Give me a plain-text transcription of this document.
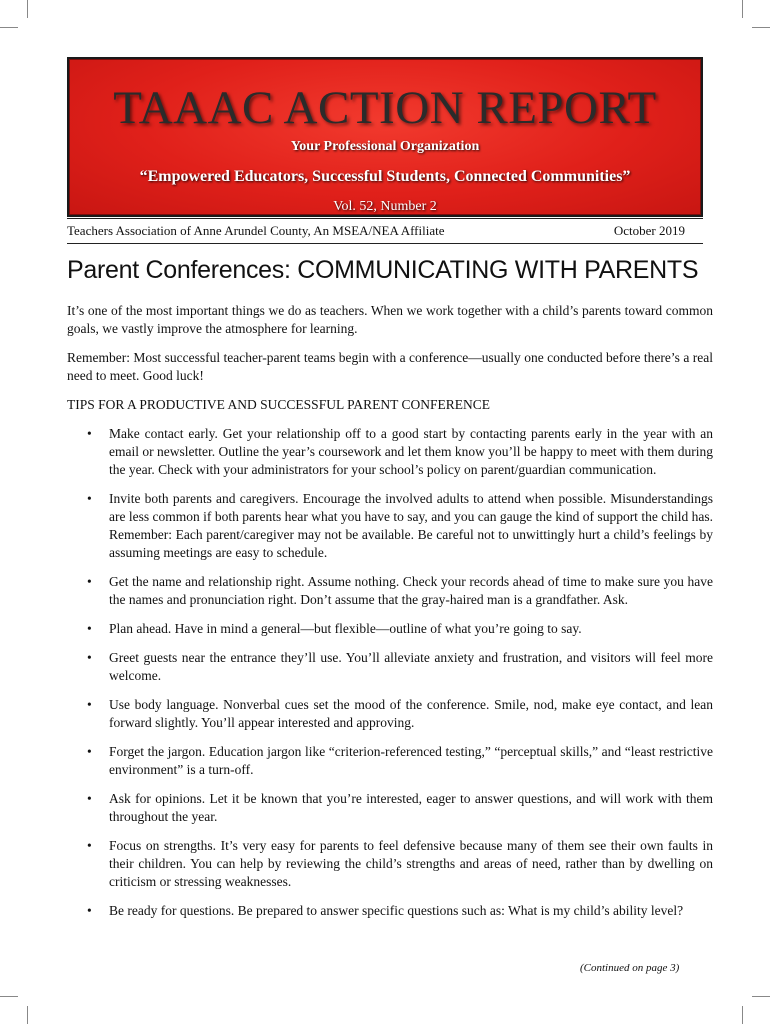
TAAAC ACTION REPORT
Your Professional Organization
“Empowered Educators, Successful Students, Connected Communities”
Vol. 52, Number 2
Teachers Association of Anne Arundel County, An MSEA/NEA Affiliate	October 2019
Parent Conferences: COMMUNICATING WITH PARENTS

It’s one of the most important things we do as teachers. When we work together with a child’s parents toward common goals, we vastly improve the atmosphere for learning.

Remember: Most successful teacher-parent teams begin with a conference—usually one conducted before there’s a real need to meet. Good luck!

TIPS FOR A PRODUCTIVE AND SUCCESSFUL PARENT CONFERENCE

• Make contact early. Get your relationship off to a good start by contacting parents early in the year with an email or newsletter. Outline the year’s coursework and let them know you’ll be happy to meet with them during the year. Check with your administrators for your school’s policy on parent/guardian communication.
• Invite both parents and caregivers. Encourage the involved adults to attend when possible. Misunderstandings are less common if both parents hear what you have to say, and you can gauge the kind of support the child has. Remember: Each parent/caregiver may not be available. Be careful not to unwittingly hurt a child’s feelings by assuming meetings are easy to schedule.
• Get the name and relationship right. Assume nothing. Check your records ahead of time to make sure you have the names and pronunciation right. Don’t assume that the gray-haired man is a grandfather. Ask.
• Plan ahead. Have in mind a general—but flexible—outline of what you’re going to say.
• Greet guests near the entrance they’ll use. You’ll alleviate anxiety and frustration, and visitors will feel more welcome.
• Use body language. Nonverbal cues set the mood of the conference. Smile, nod, make eye contact, and lean forward slightly. You’ll appear interested and approving.
• Forget the jargon. Education jargon like “criterion-referenced testing,” “perceptual skills,” and “least restrictive environment” is a turn-off.
• Ask for opinions. Let it be known that you’re interested, eager to answer questions, and will work with them throughout the year.
• Focus on strengths. It’s very easy for parents to feel defensive because many of them see their own faults in their children. You can help by reviewing the child’s strengths and areas of need, rather than by dwelling on criticism or stressing weaknesses.
• Be ready for questions. Be prepared to answer specific questions such as: What is my child’s ability level?
(Continued on page 3)
